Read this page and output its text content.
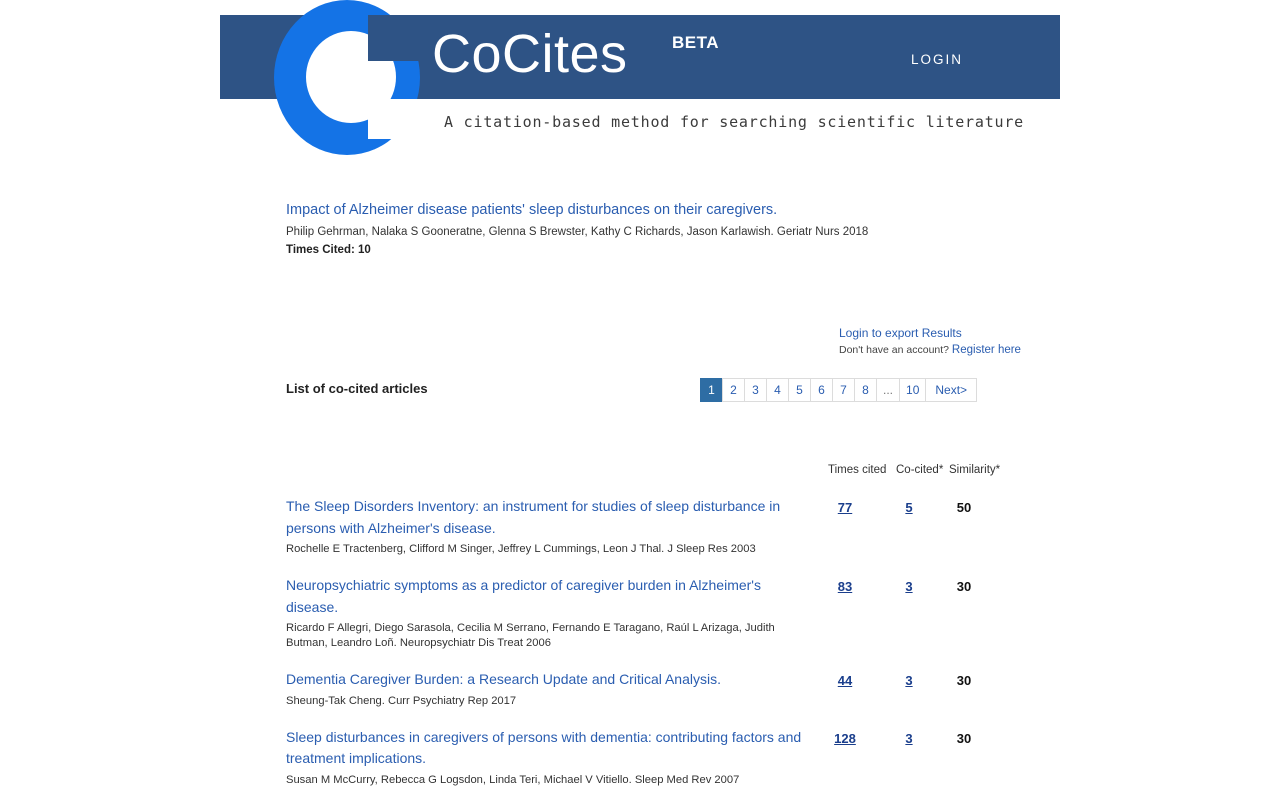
CoCites	BETA
LOGIN
A citation-based method for searching scientific literature
Impact of Alzheimer disease patients' sleep disturbances on their caregivers.
Philip Gehrman, Nalaka S Gooneratne, Glenna S Brewster, Kathy C Richards, Jason Karlawish. Geriatr Nurs 2018
Times Cited: 10
Login to export Results
Don't have an account? Register here
List of co-cited articles	1	2	3	4	5	6	7	8	...	10	Next>
Times cited Co-cited* Similarity*
The Sleep Disorders Inventory: an instrument for studies of sleep disturbance in persons with Alzheimer's disease.
Rochelle E Tractenberg, Clifford M Singer, Jeffrey L Cummings, Leon J Thal. J Sleep Res 2003
77	5	50
Neuropsychiatric symptoms as a predictor of caregiver burden in Alzheimer's disease.
Ricardo F Allegri, Diego Sarasola, Cecilia M Serrano, Fernando E Taragano, Raúl L Arizaga, Judith Butman, Leandro Loñ. Neuropsychiatr Dis Treat 2006
83	3	30
Dementia Caregiver Burden: a Research Update and Critical Analysis.
Sheung-Tak Cheng. Curr Psychiatry Rep 2017
44	3	30
Sleep disturbances in caregivers of persons with dementia: contributing factors and treatment implications.
Susan M McCurry, Rebecca G Logsdon, Linda Teri, Michael V Vitiello. Sleep Med Rev 2007
128	3	30
